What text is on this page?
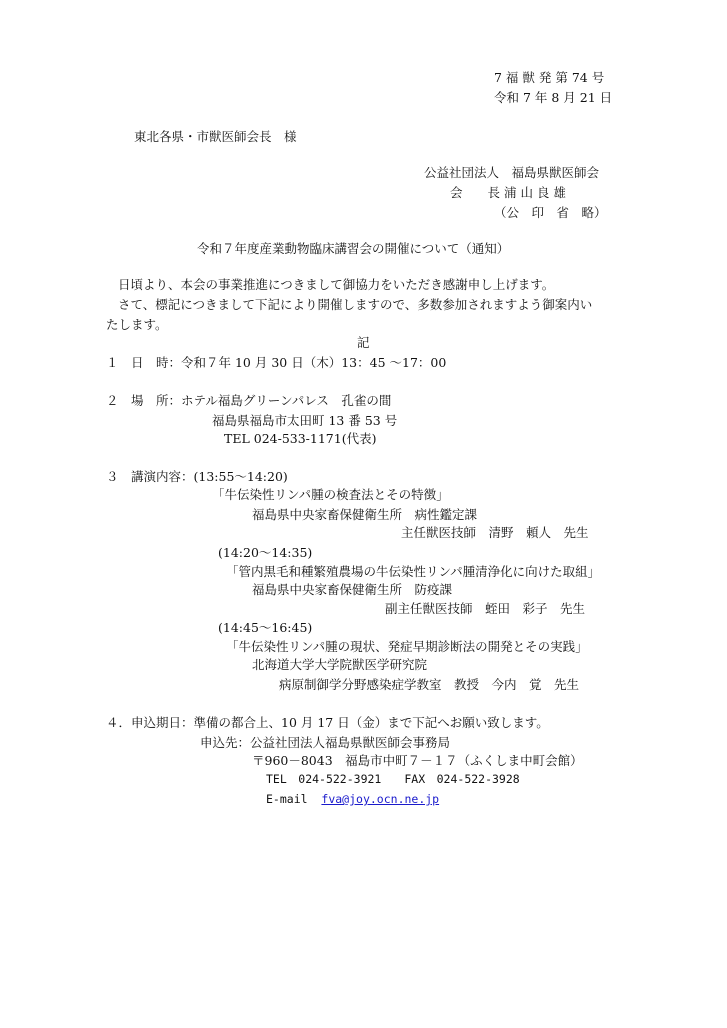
7 福 獣 発 第 74 号
令和 7 年 8 月 21 日
東北各県・市獣医師会長　様
公益社団法人　福島県獣医師会
会　　長 浦 山 良 雄
（公　印　省　略）
令和７年度産業動物臨床講習会の開催について（通知）
日頃より、本会の事業推進につきまして御協力をいただき感謝申し上げます。
さて、標記につきまして下記により開催しますので、多数参加されますよう御案内い
たします。
記
１　日　時：令和７年 10 月 30 日（木）13：45 ～17：00
２　場　所：ホテル福島グリーンパレス　孔雀の間
福島県福島市太田町 13 番 53 号
TEL 024-533-1171(代表)
３　講演内容：(13:55～14:20)
「牛伝染性リンパ腫の検査法とその特徴」
福島県中央家畜保健衛生所　病性鑑定課
主任獣医技師　清野　頼人　先生
(14:20～14:35)
「管内黒毛和種繁殖農場の牛伝染性リンパ腫清浄化に向けた取組」
福島県中央家畜保健衛生所　防疫課
副主任獣医技師　蛭田　彩子　先生
(14:45～16:45)
「牛伝染性リンパ腫の現状、発症早期診断法の開発とその実践」
北海道大学大学院獣医学研究院
病原制御学分野感染症学教室　教授　今内　覚　先生
４．申込期日：準備の都合上、10 月 17 日（金）まで下記へお願い致します。
申込先：公益社団法人福島県獣医師会事務局
〒960－8043　福島市中町７－１７（ふくしま中町会館）
TEL　024-522-3921　　FAX　024-522-3928
E-mail fva@joy.ocn.ne.jp
